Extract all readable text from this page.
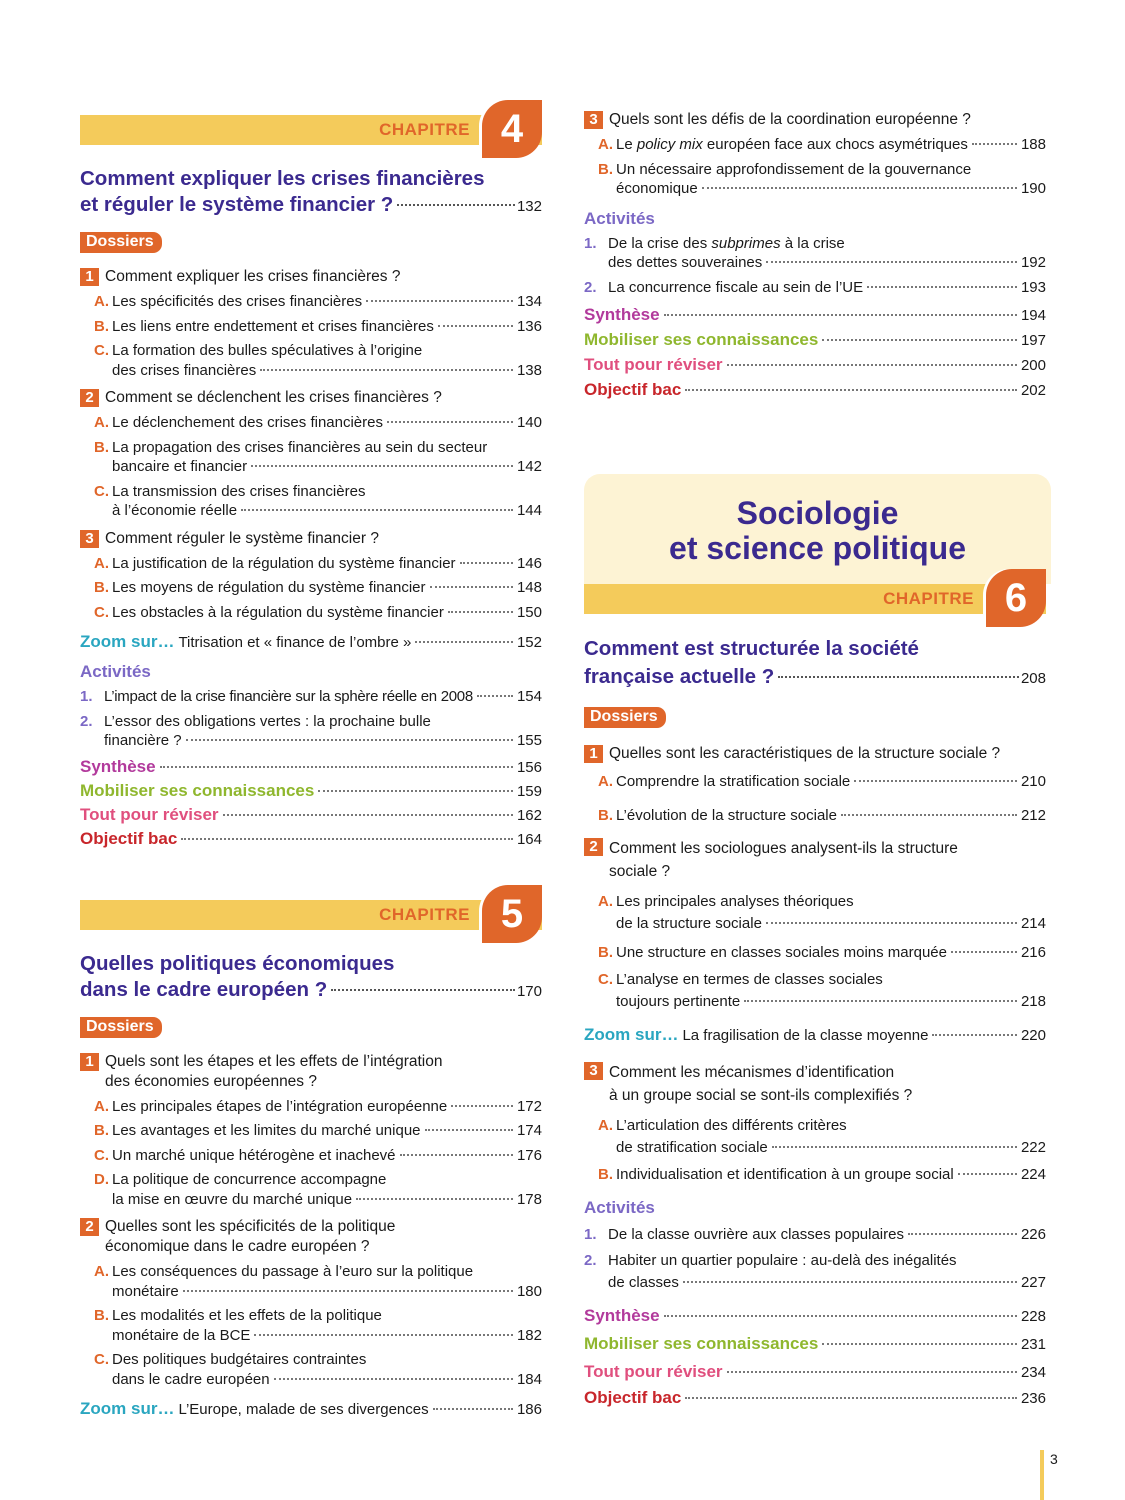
CHAPITRE 4
Comment expliquer les crises financières
et réguler le système financier ?	132
Dossiers
1 Comment expliquer les crises financières ?
A. Les spécificités des crises financières	134
B. Les liens entre endettement et crises financières	136
C. La formation des bulles spéculatives à l’origine
des crises financières	138
2 Comment se déclenchent les crises financières ?
A. Le déclenchement des crises financières	140
B. La propagation des crises financières au sein du secteur
bancaire et financier	142
C. La transmission des crises financières
à l’économie réelle	144
3 Comment réguler le système financier ?
A. La justification de la régulation du système financier	146
B. Les moyens de régulation du système financier	148
C. Les obstacles à la régulation du système financier	150
Zoom sur… Titrisation et « finance de l’ombre »	152
Activités
1. L’impact de la crise financière sur la sphère réelle en 2008	154
2. L’essor des obligations vertes : la prochaine bulle
financière ?	155
Synthèse	156
Mobiliser ses connaissances	159
Tout pour réviser	162
Objectif bac	164
CHAPITRE 5
Quelles politiques économiques
dans le cadre européen ?	170
Dossiers
1 Quels sont les étapes et les effets de l’intégration
des économies européennes ?
A. Les principales étapes de l’intégration européenne	172
B. Les avantages et les limites du marché unique	174
C. Un marché unique hétérogène et inachevé	176
D. La politique de concurrence accompagne
la mise en œuvre du marché unique	178
2 Quelles sont les spécificités de la politique
économique dans le cadre européen ?
A. Les conséquences du passage à l’euro sur la politique
monétaire	180
B. Les modalités et les effets de la politique
monétaire de la BCE	182
C. Des politiques budgétaires contraintes
dans le cadre européen	184
Zoom sur… L’Europe, malade de ses divergences	186
3 Quels sont les défis de la coordination européenne ?
A. Le policy mix européen face aux chocs asymétriques	188
B. Un nécessaire approfondissement de la gouvernance
économique	190
Activités
1. De la crise des subprimes à la crise
des dettes souveraines	192
2. La concurrence fiscale au sein de l’UE	193
Synthèse	194
Mobiliser ses connaissances	197
Tout pour réviser	200
Objectif bac	202
Sociologie
et science politique
CHAPITRE 6
Comment est structurée la société
française actuelle ?	208
Dossiers
1 Quelles sont les caractéristiques de la structure sociale ?
A. Comprendre la stratification sociale	210
B. L’évolution de la structure sociale	212
2 Comment les sociologues analysent-ils la structure
sociale ?
A. Les principales analyses théoriques
de la structure sociale	214
B. Une structure en classes sociales moins marquée	216
C. L’analyse en termes de classes sociales
toujours pertinente	218
Zoom sur… La fragilisation de la classe moyenne	220
3 Comment les mécanismes d’identification
à un groupe social se sont-ils complexifiés ?
A. L’articulation des différents critères
de stratification sociale	222
B. Individualisation et identification à un groupe social	224
Activités
1. De la classe ouvrière aux classes populaires	226
2. Habiter un quartier populaire : au-delà des inégalités
de classes	227
Synthèse	228
Mobiliser ses connaissances	231
Tout pour réviser	234
Objectif bac	236
3
